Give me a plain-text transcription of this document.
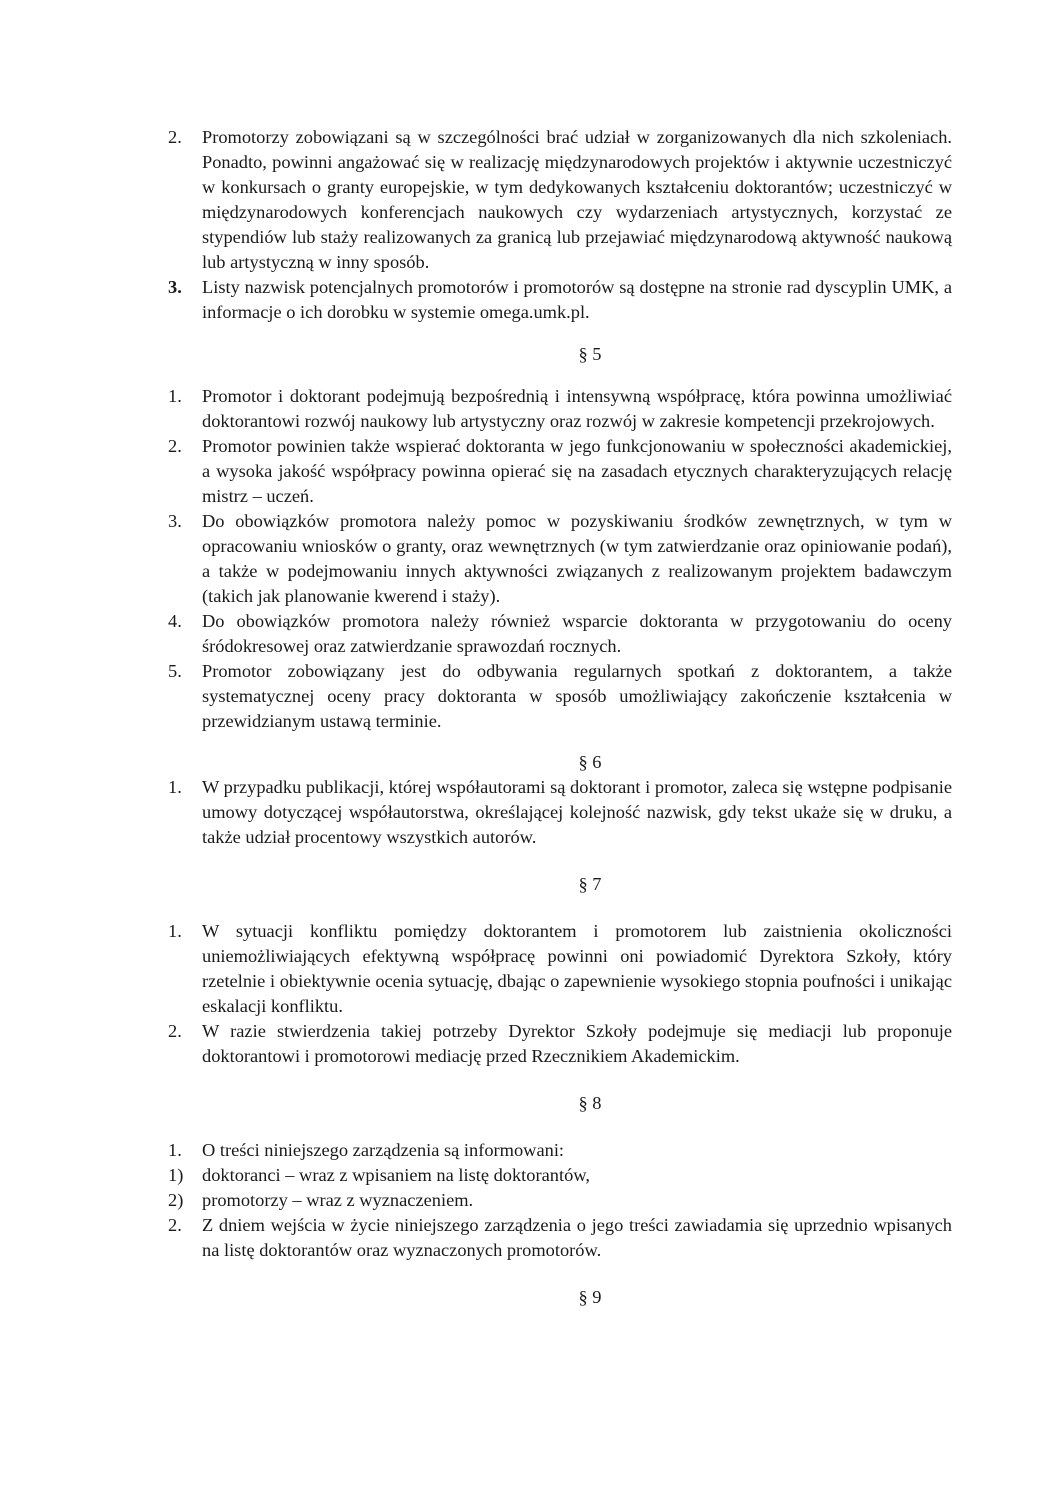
2.	Promotorzy zobowiązani są w szczególności brać udział w zorganizowanych dla nich szkoleniach. Ponadto, powinni angażować się w realizację międzynarodowych projektów i aktywnie uczestniczyć w konkursach o granty europejskie, w tym dedykowanych kształceniu doktorantów; uczestniczyć w międzynarodowych konferencjach naukowych czy wydarzeniach artystycznych, korzystać ze stypendiów lub staży realizowanych za granicą lub przejawiać międzynarodową aktywność naukową lub artystyczną w inny sposób.
3.	Listy nazwisk potencjalnych promotorów i promotorów są dostępne na stronie rad dyscyplin UMK, a informacje o ich dorobku w systemie omega.umk.pl.
§ 5
1.	Promotor i doktorant podejmują bezpośrednią i intensywną współpracę, która powinna umożliwiać doktorantowi rozwój naukowy lub artystyczny oraz rozwój w zakresie kompetencji przekrojowych.
2.	Promotor powinien także wspierać doktoranta w jego funkcjonowaniu w społeczności akademickiej, a wysoka jakość współpracy powinna opierać się na zasadach etycznych charakteryzujących relację mistrz – uczeń.
3.	Do obowiązków promotora należy pomoc w pozyskiwaniu środków zewnętrznych, w tym w opracowaniu wniosków o granty, oraz wewnętrznych (w tym zatwierdzanie oraz opiniowanie podań), a także w podejmowaniu innych aktywności związanych z realizowanym projektem badawczym (takich jak planowanie kwerend i staży).
4.	Do obowiązków promotora należy również wsparcie doktoranta w przygotowaniu do oceny śródokresowej oraz zatwierdzanie sprawozdań rocznych.
5.	Promotor zobowiązany jest do odbywania regularnych spotkań z doktorantem, a także systematycznej oceny pracy doktoranta w sposób umożliwiający zakończenie kształcenia w przewidzianym ustawą terminie.
§ 6
1.	W przypadku publikacji, której współautorami są doktorant i promotor, zaleca się wstępne podpisanie umowy dotyczącej współautorstwa, określającej kolejność nazwisk, gdy tekst ukaże się w druku, a także udział procentowy wszystkich autorów.
§ 7
1.	W sytuacji konfliktu pomiędzy doktorantem i promotorem lub zaistnienia okoliczności uniemożliwiających efektywną współpracę powinni oni powiadomić Dyrektora Szkoły, który rzetelnie i obiektywnie ocenia sytuację, dbając o zapewnienie wysokiego stopnia poufności i unikając eskalacji konfliktu.
2.	W razie stwierdzenia takiej potrzeby Dyrektor Szkoły podejmuje się mediacji lub proponuje doktorantowi i promotorowi mediację przed Rzecznikiem Akademickim.
§ 8
1.	O treści niniejszego zarządzenia są informowani:
1)	doktoranci – wraz z wpisaniem na listę doktorantów,
2)	promotorzy – wraz z wyznaczeniem.
2.	Z dniem wejścia w życie niniejszego zarządzenia o jego treści zawiadamia się uprzednio wpisanych na listę doktorantów oraz wyznaczonych promotorów.
§ 9
